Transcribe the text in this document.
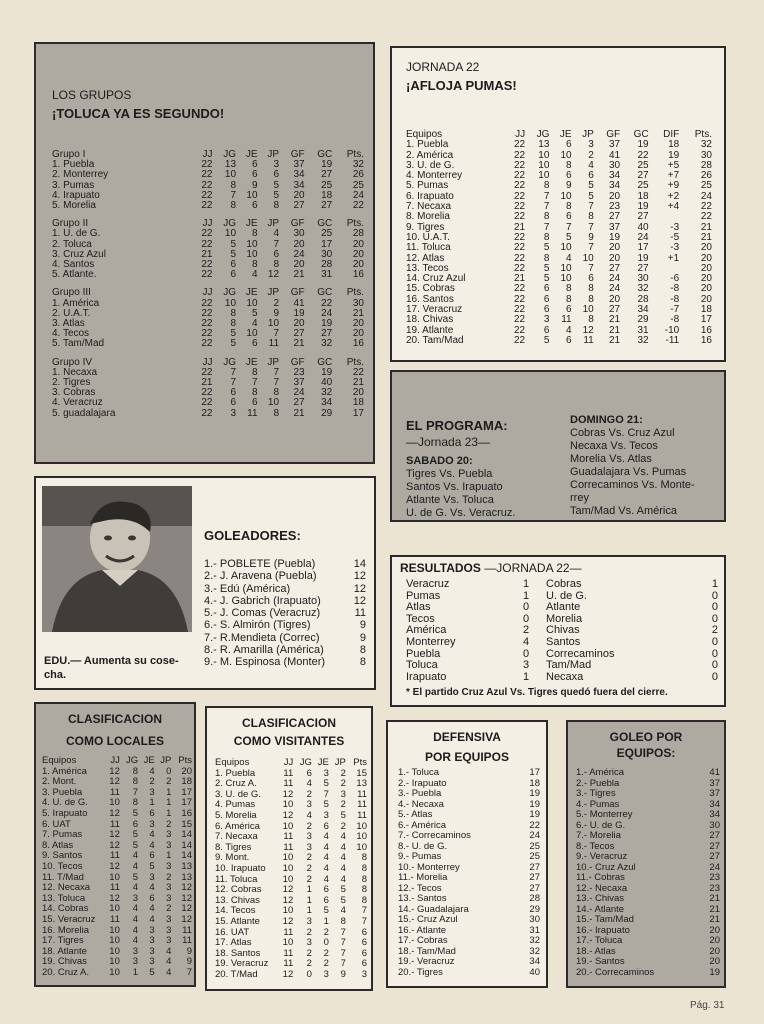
LOS GRUPOS
¡TOLUCA YA ES SEGUNDO!
Grupo I	JJ	JG	JE	JP	GF	GC	Pts.
1. Puebla	22	13	6	3	37	19	32
2. Monterrey	22	10	6	6	34	27	26
3. Pumas	22	8	9	5	34	25	25
4. Irapuato	22	7	10	5	20	18	24
5. Morelia	22	8	6	8	27	27	22
Grupo II	JJ	JG	JE	JP	GF	GC	Pts.
1. U. de G.	22	10	8	4	30	25	28
2. Toluca	22	5	10	7	20	17	20
3. Cruz Azul	21	5	10	6	24	30	20
4. Santos	22	6	8	8	20	28	20
5. Atlante.	22	6	4	12	21	31	16
Grupo III	JJ	JG	JE	JP	GF	GC	Pts.
1. América	22	10	10	2	41	22	30
2. U.A.T.	22	8	5	9	19	24	21
3. Atlas	22	8	4	10	20	19	20
4. Tecos	22	5	10	7	27	27	20
5. Tam/Mad	22	5	6	11	21	32	16
Grupo IV	JJ	JG	JE	JP	GF	GC	Pts.
1. Necaxa	22	7	8	7	23	19	22
2. Tigres	21	7	7	7	37	40	21
3. Cobras	22	6	8	8	24	32	20
4. Veracruz	22	6	6	10	27	34	18
5. guadalajara	22	3	11	8	21	29	17
JORNADA 22
¡AFLOJA PUMAS!
Equipos	JJ	JG	JE	JP	GF	GC	DIF	Pts.
1. Puebla	22	13	6	3	37	19	18	32
2. América	22	10	10	2	41	22	19	30
3. U. de G.	22	10	8	4	30	25	+5	28
4. Monterrey	22	10	6	6	34	27	+7	26
5. Pumas	22	8	9	5	34	25	+9	25
6. Irapuato	22	7	10	5	20	18	+2	24
7. Necaxa	22	7	8	7	23	19	+4	22
8. Morelia	22	8	6	8	27	27		22
9. Tigres	21	7	7	7	37	40	-3	21
10. U.A.T.	22	8	5	9	19	24	-5	21
11. Toluca	22	5	10	7	20	17	-3	20
12. Atlas	22	8	4	10	20	19	+1	20
13. Tecos	22	5	10	7	27	27		20
14. Cruz Azul	21	5	10	6	24	30	-6	20
15. Cobras	22	6	8	8	24	32	-8	20
16. Santos	22	6	8	8	20	28	-8	20
17. Veracruz	22	6	6	10	27	34	-7	18
18. Chivas	22	3	11	8	21	29	-8	17
19. Atlante	22	6	4	12	21	31	-10	16
20. Tam/Mad	22	5	6	11	21	32	-11	16
EL PROGRAMA:
—Jornada 23—
SABADO 20:
Tigres Vs. Puebla
Santos Vs. Irapuato
Atlante Vs. Toluca
U. de G. Vs. Veracruz.
DOMINGO 21:
Cobras Vs. Cruz Azul
Necaxa Vs. Tecos
Morelia Vs. Atlas
Guadalajara Vs. Pumas
Correcaminos Vs. Monte-
rrey
Tam/Mad Vs. América
EDU.— Aumenta su cose-
cha.
GOLEADORES:
1.- POBLETE (Puebla)	14
2.- J. Aravena (Puebla)	12
3.- Edú (América)	12
4.- J. Gabrich (Irapuato)	12
5.- J. Comas (Veracruz)	11
6.- S. Almirón (Tigres)	9
7.- R.Mendieta (Correc)	9
8.- R. Amarilla (América)	8
9.- M. Espinosa (Monter)	8
RESULTADOS —JORNADA 22—
Veracruz	1	Cobras	1
Pumas	1	U. de G.	0
Atlas	0	Atlante	0
Tecos	0	Morelia	0
América	2	Chivas	2
Monterrey	4	Santos	0
Puebla	0	Correcaminos	0
Toluca	3	Tam/Mad	0
Irapuato	1	Necaxa	0
* El partido Cruz Azul Vs. Tigres quedó fuera del cierre.
CLASIFICACION
COMO LOCALES
Equipos	JJ	JG	JE	JP	Pts
1. América	12	8	4	0	20
2. Mont.	12	8	2	2	18
3. Puebla	11	7	3	1	17
4. U. de G.	10	8	1	1	17
5. Irapuato	12	5	6	1	16
6. UAT	11	6	3	2	15
7. Pumas	12	5	4	3	14
8. Atlas	12	5	4	3	14
9. Santos	11	4	6	1	14
10. Tecos	12	4	5	3	13
11. T/Mad	10	5	3	2	13
12. Necaxa	11	4	4	3	12
13. Toluca	12	3	6	3	12
14. Cobras	10	4	4	2	12
15. Veracruz	11	4	4	3	12
16. Morelia	10	4	3	3	11
17. Tigres	10	4	3	3	11
18. Atlante	10	3	3	4	9
19. Chivas	10	3	3	4	9
20. Cruz A.	10	1	5	4	7
CLASIFICACION
COMO VISITANTES
Equipos	JJ	JG	JE	JP	Pts
1. Puebla	11	6	3	2	15
2. Cruz A.	11	4	5	2	13
3. U. de G.	12	2	7	3	11
4. Pumas	10	3	5	2	11
5. Morelia	12	4	3	5	11
6. América	10	2	6	2	10
7. Necaxa	11	3	4	4	10
8. Tigres	11	3	4	4	10
9. Mont.	10	2	4	4	8
10. Irapuato	10	2	4	4	8
11. Toluca	10	2	4	4	8
12. Cobras	12	1	6	5	8
13. Chivas	12	1	6	5	8
14. Tecos	10	1	5	4	7
15. Atlante	12	3	1	8	7
16. UAT	11	2	2	7	6
17. Atlas	10	3	0	7	6
18. Santos	11	2	2	7	6
19. Veracruz	11	2	2	7	6
20. T/Mad	12	0	3	9	3
DEFENSIVA
POR EQUIPOS
1.- Toluca	17
2.- Irapuato	18
3.- Puebla	19
4.- Necaxa	19
5.- Atlas	19
6.- América	22
7.- Correcaminos	24
8.- U. de G.	25
9.- Pumas	25
10.- Monterrey	27
11.- Morelia	27
12.- Tecos	27
13.- Santos	28
14.- Guadalajara	29
15.- Cruz Azul	30
16.- Atlante	31
17.- Cobras	32
18.- Tam/Mad	32
19.- Veracruz	34
20.- Tigres	40
GOLEO POR
EQUIPOS:
1.- América	41
2.- Puebla	37
3.- Tigres	37
4.- Pumas	34
5.- Monterrey	34
6.- U. de G.	30
7.- Morelia	27
8.- Tecos	27
9.- Veracruz	27
10.- Cruz Azul	24
11.- Cobras	23
12.- Necaxa	23
13.- Chivas	21
14.- Atlante	21
15.- Tam/Mad	21
16.- Irapuato	20
17.- Toluca	20
18.- Atlas	20
19.- Santos	20
20.- Correcaminos	19
Pág. 31
